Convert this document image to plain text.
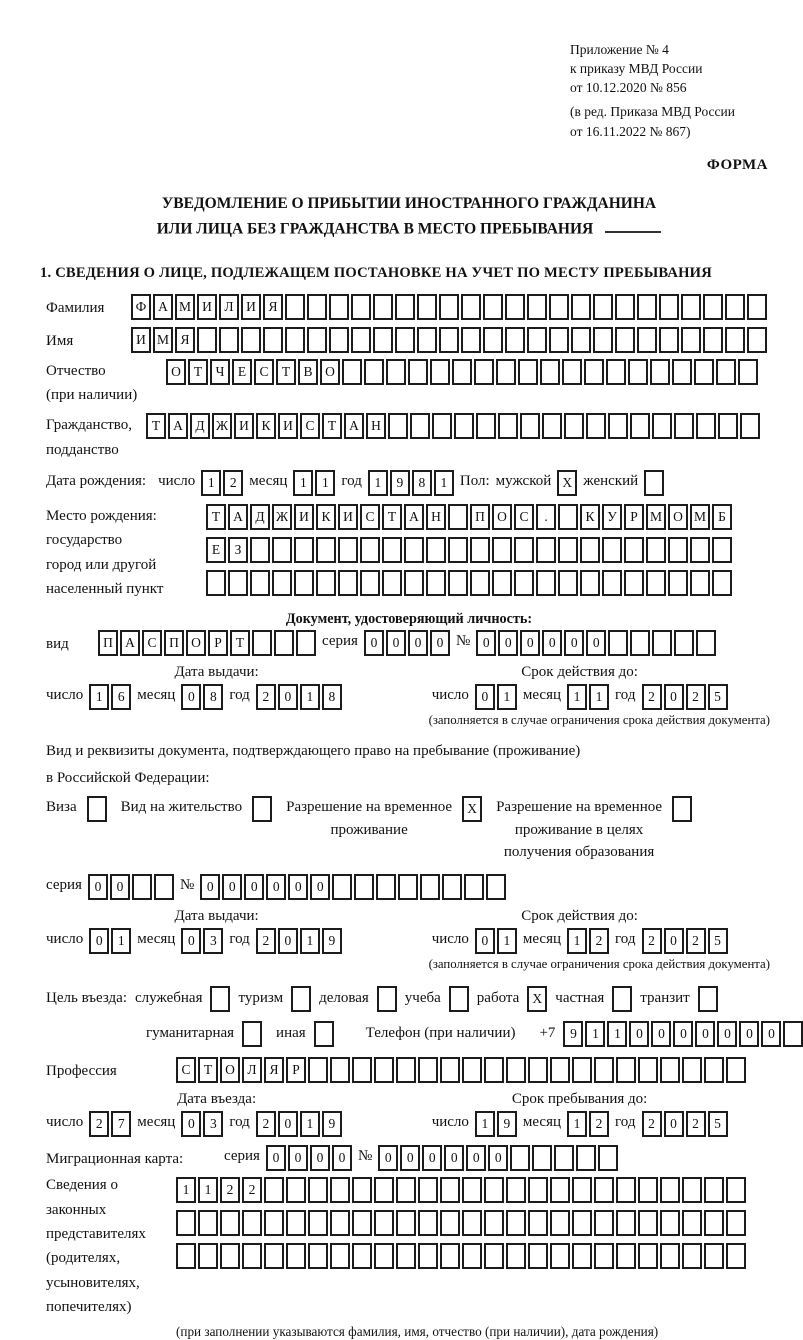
Приложение № 4
к приказу МВД России
от 10.12.2020 № 856
(в ред. Приказа МВД России
от 16.11.2022 № 867)
ФОРМА
УВЕДОМЛЕНИЕ О ПРИБЫТИИ ИНОСТРАННОГО ГРАЖДАНИНА
ИЛИ ЛИЦА БЕЗ ГРАЖДАНСТВА В МЕСТО ПРЕБЫВАНИЯ
1. СВЕДЕНИЯ О ЛИЦЕ, ПОДЛЕЖАЩЕМ ПОСТАНОВКЕ НА УЧЕТ ПО МЕСТУ ПРЕБЫВАНИЯ
Фамилия	Ф А М И Л И Я
Имя	И М Я
Отчество
(при наличии)
О Т Ч Е С Т В О
Гражданство,
подданство
Т А Д Ж И К И С Т А Н
Дата рождения: число 1	2 месяц 1	1 год 1	9	8	1 Пол: мужской X женский
Место рождения:
государство
город или другой
населенный пункт
Т А Д Ж И К И С Т А Н	П О С	.	К У Р М О М Б
Е	З
Документ, удостоверяющий личность:
вид	П А С П О Р	Т	серия 0	0	0	0 № 0	0	0	0	0	0
Дата выдачи:
число 1	6 месяц 0	8 год 2	0	1	8
Срок действия до:
число 0	1 месяц 1	1 год 2	0	2	5
(заполняется в случае ограничения срока действия документа)
Вид и реквизиты документа, подтверждающего право на пребывание (проживание)
в Российской Федерации:
Виза	Вид на жительство	Разрешение на временное
проживание
X	Разрешение на временное
проживание в целях
получения образования
серия 0	0	№ 0	0	0	0	0	0
Дата выдачи:
число 0	1 месяц 0	3 год 2	0	1	9
Срок действия до:
число 0	1 месяц 1	2 год 2	0	2	5
(заполняется в случае ограничения срока действия документа)
Цель въезда: служебная туризм деловая учеба работа X частная транзит
гуманитарная	иная	Телефон (при наличии) +7	9	1	1	0	0	0	0	0	0	0
Профессия	С Т О Л Я	Р
Дата въезда:
число 2	7 месяц 0	3 год 2	0	1	9
Срок пребывания до:
число 1	9 месяц 1	2 год 2	0	2	5
Миграционная карта:	серия 0	0	0	0 № 0	0	0	0	0	0
Сведения о
законных
представителях
(родителях,
усыновителях,
попечителях)
1	1	2	2
(при заполнении указываются фамилия, имя, отчество (при наличии), дата рождения)
